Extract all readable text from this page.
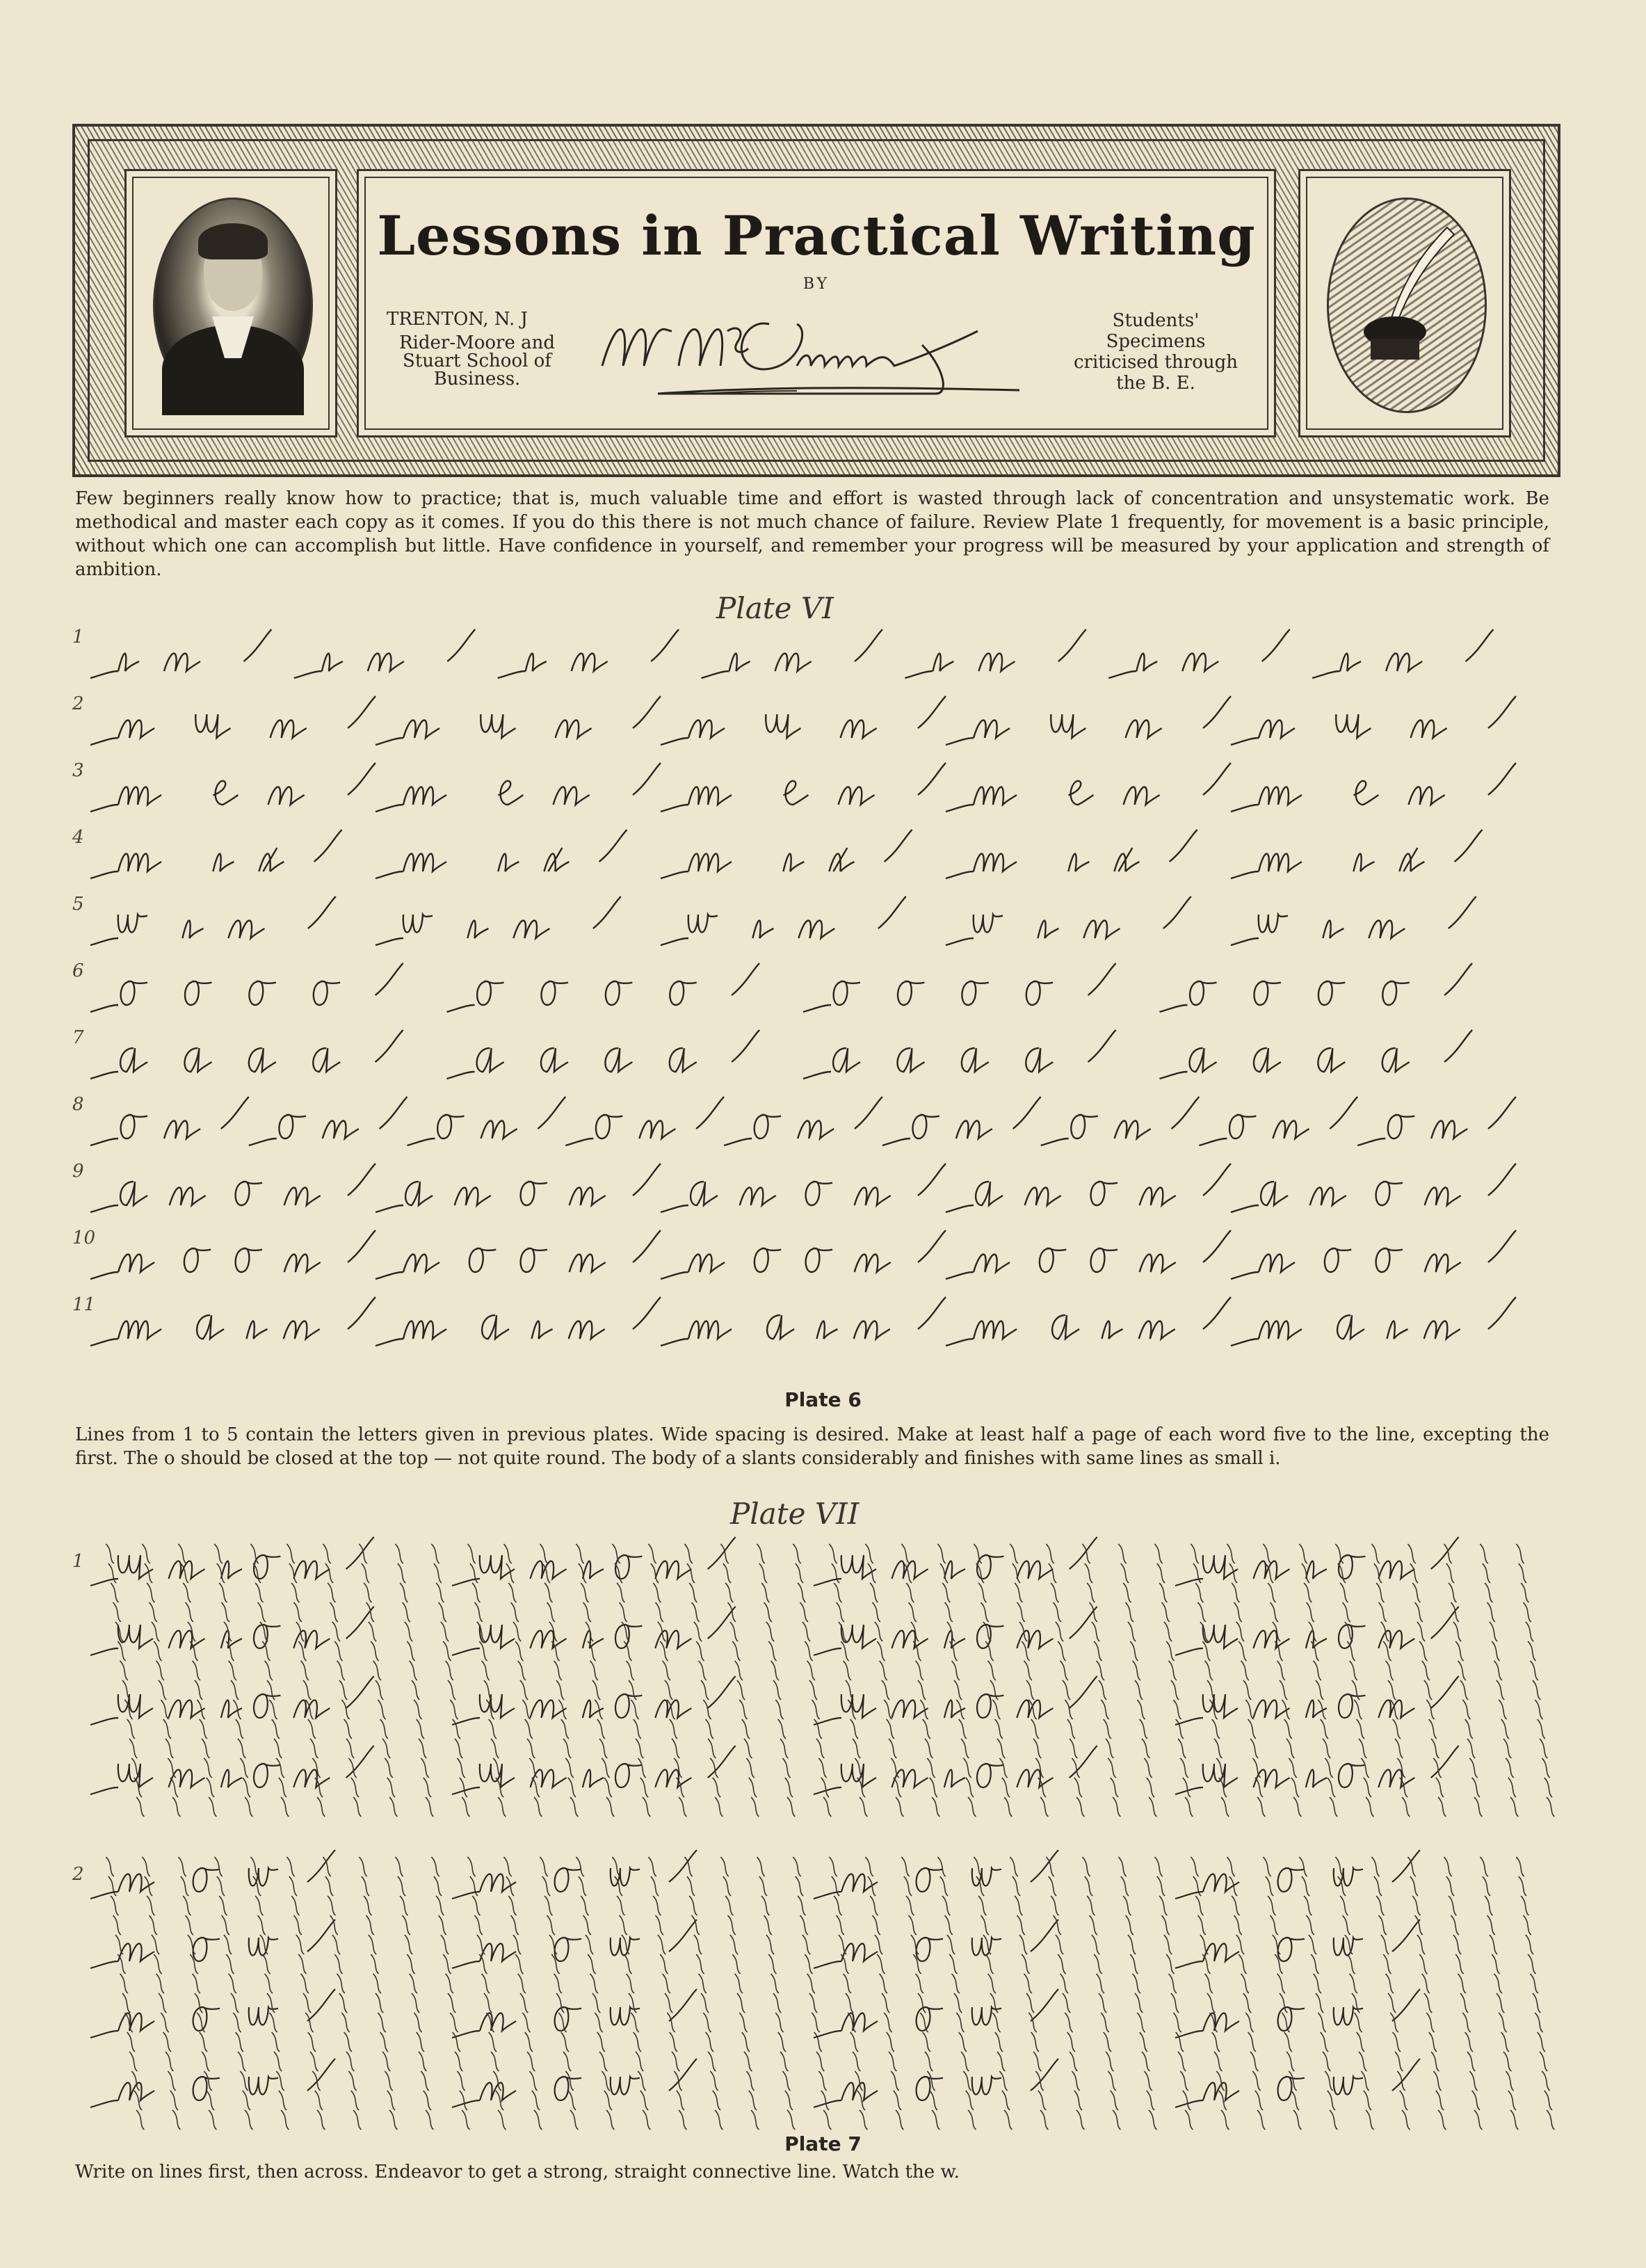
Lessons in Practical Writing
BY
TRENTON, N. J
Rider-Moore and Stuart School of Business.
Students' Specimens criticised through the B. E.

Few beginners really know how to practice; that is, much valuable time and effort is wasted through lack of concentration and unsystematic work. Be methodical and master each copy as it comes. If you do this there is not much chance of failure. Review Plate 1 frequently, for movement is a basic principle, without which one can accomplish but little. Have confidence in yourself, and remember your progress will be measured by your application and strength of ambition.

Plate VI
1
2
3
4
5
6
7
8
9
10
11
Plate 6

Lines from 1 to 5 contain the letters given in previous plates. Wide spacing is desired. Make at least half a page of each word five to the line, excepting the first. The o should be closed at the top — not quite round. The body of a slants considerably and finishes with same lines as small i.

Plate VII
1
2
Plate 7

Write on lines first, then across. Endeavor to get a strong, straight connective line. Watch the w.
